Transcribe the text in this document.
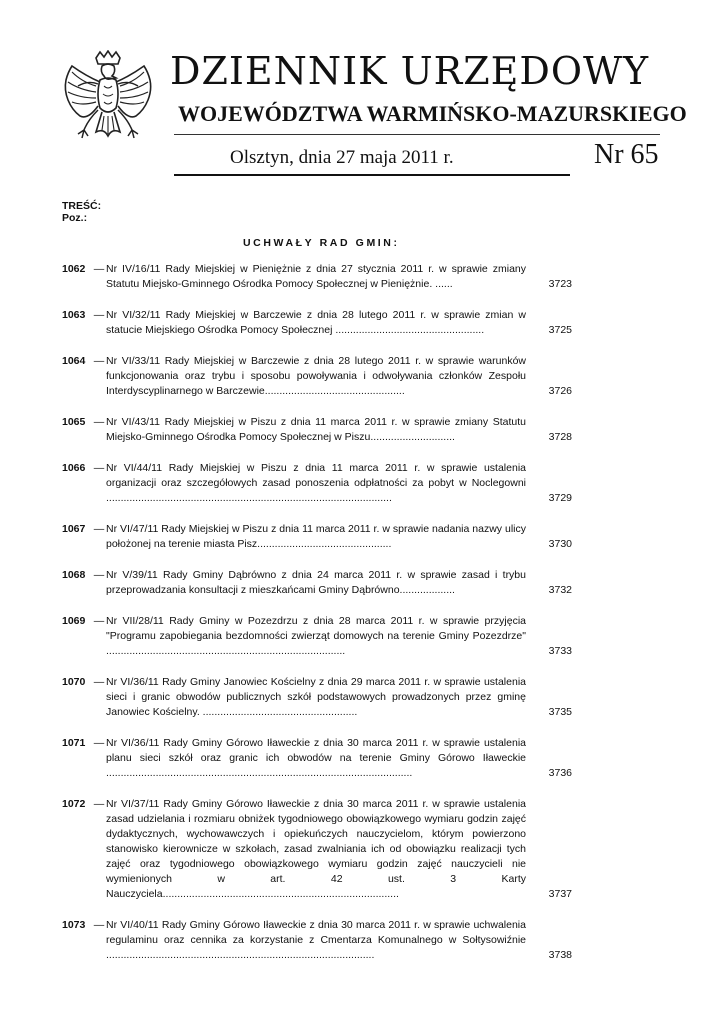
DZIENNIK URZĘDOWY
WOJEWÓDZTWA WARMIŃSKO-MAZURSKIEGO
Olsztyn, dnia 27 maja 2011 r.	Nr 65
TREŚĆ:
Poz.:
UCHWAŁY RAD GMIN:
1062 — Nr IV/16/11 Rady Miejskiej w Pieniężnie z dnia 27 stycznia 2011 r. w sprawie zmiany Statutu Miejsko-Gminnego Ośrodka Pomocy Społecznej w Pieniężnie. ......	3723
1063 — Nr VI/32/11 Rady Miejskiej w Barczewie z dnia 28 lutego 2011 r. w sprawie zmian w statucie Miejskiego Ośrodka Pomocy Społecznej ...................................................	3725
1064 — Nr VI/33/11 Rady Miejskiej w Barczewie z dnia 28 lutego 2011 r. w sprawie warunków funkcjonowania oraz trybu i sposobu powoływania i odwoływania członków Zespołu Interdyscyplinarnego w Barczewie................................................	3726
1065 — Nr VI/43/11 Rady Miejskiej w Piszu z dnia 11 marca 2011 r. w sprawie zmiany Statutu Miejsko-Gminnego Ośrodka Pomocy Społecznej w Piszu.............................	3728
1066 — Nr VI/44/11 Rady Miejskiej w Piszu z dnia 11 marca 2011 r. w sprawie ustalenia organizacji oraz szczegółowych zasad ponoszenia odpłatności za pobyt w Noclegowni ..................................................................................................	3729
1067 — Nr VI/47/11 Rady Miejskiej w Piszu z dnia 11 marca 2011 r. w sprawie nadania nazwy ulicy położonej na terenie miasta Pisz..............................................	3730
1068 — Nr V/39/11 Rady Gminy Dąbrówno z dnia 24 marca 2011 r. w sprawie zasad i trybu przeprowadzania konsultacji z mieszkańcami Gminy Dąbrówno...................	3732
1069 — Nr VII/28/11 Rady Gminy w Pozezdrzu z dnia 28 marca 2011 r. w sprawie przyjęcia "Programu zapobiegania bezdomności zwierząt domowych na terenie Gminy Pozezdrze" ..................................................................................	3733
1070 — Nr VI/36/11 Rady Gminy Janowiec Kościelny z dnia 29 marca 2011 r. w sprawie ustalenia sieci i granic obwodów publicznych szkół podstawowych prowadzonych przez gminę Janowiec Kościelny. .....................................................	3735
1071 — Nr VI/36/11 Rady Gminy Górowo Iławeckie z dnia 30 marca 2011 r. w sprawie ustalenia planu sieci szkół oraz granic ich obwodów na terenie Gminy Górowo Iławeckie .........................................................................................................	3736
1072 — Nr VI/37/11 Rady Gminy Górowo Iławeckie z dnia 30 marca 2011 r. w sprawie ustalenia zasad udzielania i rozmiaru obniżek tygodniowego obowiązkowego wymiaru godzin zajęć dydaktycznych, wychowawczych i opiekuńczych nauczycielom, którym powierzono stanowisko kierownicze w szkołach, zasad zwalniania ich od obowiązku realizacji tych zajęć oraz tygodniowego obowiązkowego wymiaru godzin zajęć nauczycieli nie wymienionych w art. 42 ust. 3 Karty Nauczyciela.................................................................................	3737
1073 — Nr VI/40/11 Rady Gminy Górowo Iławeckie z dnia 30 marca 2011 r. w sprawie uchwalenia regulaminu oraz cennika za korzystanie z Cmentarza Komunalnego w Sołtysowiźnie ............................................................................................	3738
